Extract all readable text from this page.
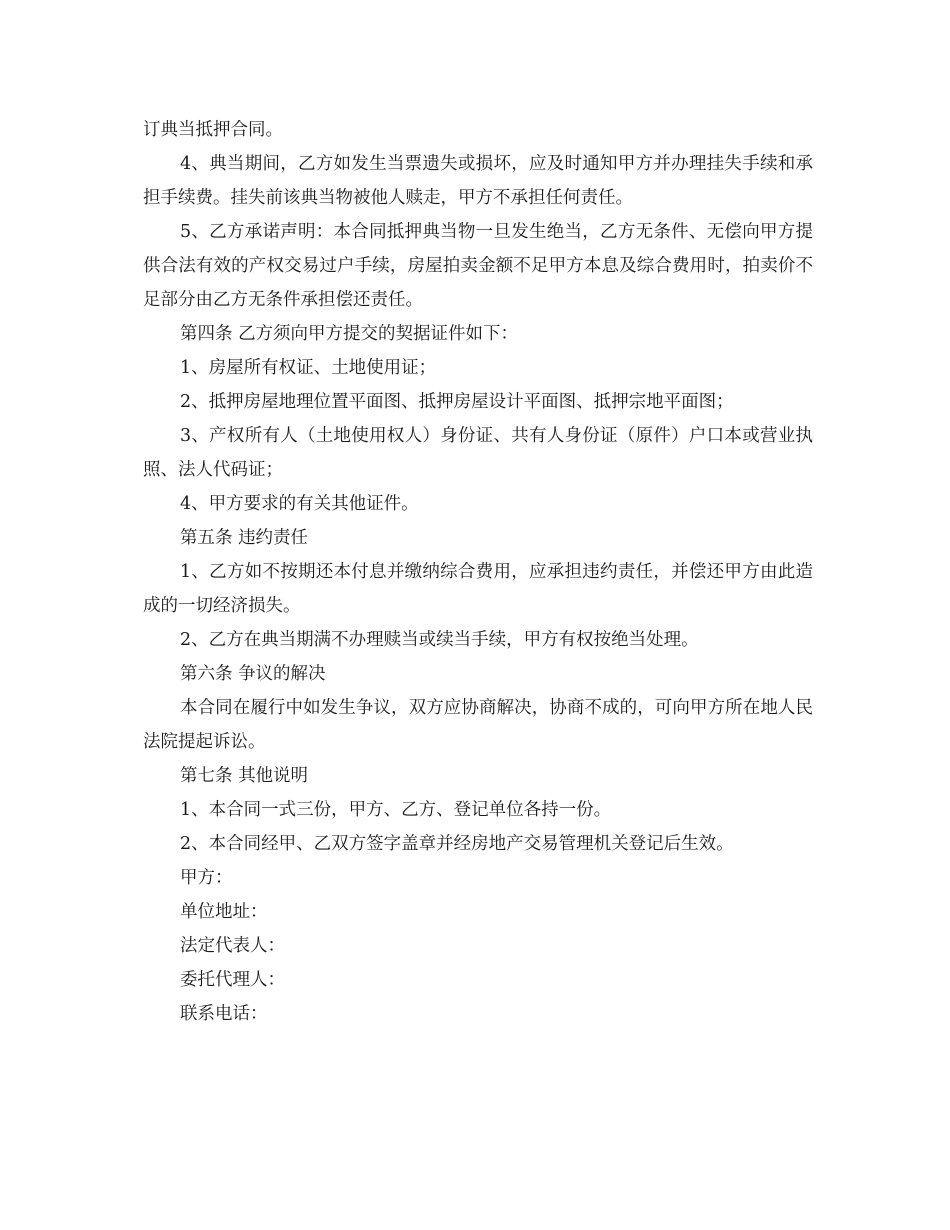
订典当抵押合同。

4、典当期间，乙方如发生当票遗失或损坏，应及时通知甲方并办理挂失手续和承担手续费。挂失前该典当物被他人赎走，甲方不承担任何责任。

5、乙方承诺声明：本合同抵押典当物一旦发生绝当，乙方无条件、无偿向甲方提供合法有效的产权交易过户手续，房屋拍卖金额不足甲方本息及综合费用时，拍卖价不足部分由乙方无条件承担偿还责任。

第四条 乙方须向甲方提交的契据证件如下：

1、房屋所有权证、土地使用证；

2、抵押房屋地理位置平面图、抵押房屋设计平面图、抵押宗地平面图；

3、产权所有人（土地使用权人）身份证、共有人身份证（原件）户口本或营业执照、法人代码证；

4、甲方要求的有关其他证件。

第五条 违约责任

1、乙方如不按期还本付息并缴纳综合费用，应承担违约责任，并偿还甲方由此造成的一切经济损失。

2、乙方在典当期满不办理赎当或续当手续，甲方有权按绝当处理。

第六条 争议的解决

本合同在履行中如发生争议，双方应协商解决，协商不成的，可向甲方所在地人民法院提起诉讼。

第七条 其他说明

1、本合同一式三份，甲方、乙方、登记单位各持一份。

2、本合同经甲、乙双方签字盖章并经房地产交易管理机关登记后生效。

甲方：

单位地址：

法定代表人：

委托代理人：

联系电话：
